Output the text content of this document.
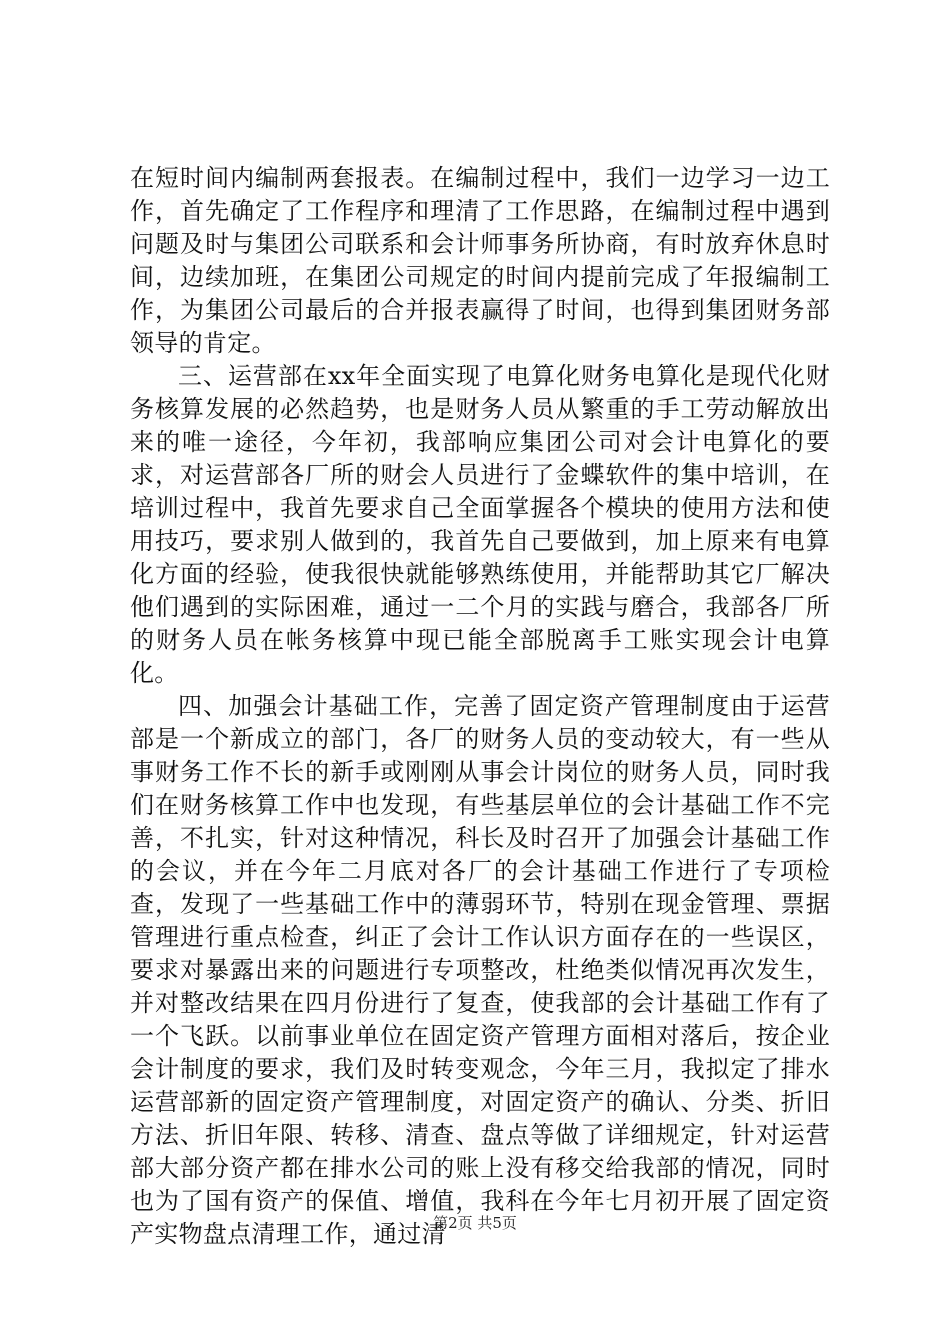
在短时间内编制两套报表。在编制过程中，我们一边学习一边工作，首先确定了工作程序和理清了工作思路，在编制过程中遇到问题及时与集团公司联系和会计师事务所协商，有时放弃休息时间，边续加班，在集团公司规定的时间内提前完成了年报编制工作，为集团公司最后的合并报表赢得了时间，也得到集团财务部领导的肯定。

三、运营部在xx年全面实现了电算化财务电算化是现代化财务核算发展的必然趋势，也是财务人员从繁重的手工劳动解放出来的唯一途径，今年初，我部响应集团公司对会计电算化的要求，对运营部各厂所的财会人员进行了金蝶软件的集中培训，在培训过程中，我首先要求自己全面掌握各个模块的使用方法和使用技巧，要求别人做到的，我首先自己要做到，加上原来有电算化方面的经验，使我很快就能够熟练使用，并能帮助其它厂解决他们遇到的实际困难，通过一二个月的实践与磨合，我部各厂所的财务人员在帐务核算中现已能全部脱离手工账实现会计电算化。

四、加强会计基础工作，完善了固定资产管理制度由于运营部是一个新成立的部门，各厂的财务人员的变动较大，有一些从事财务工作不长的新手或刚刚从事会计岗位的财务人员，同时我们在财务核算工作中也发现，有些基层单位的会计基础工作不完善，不扎实，针对这种情况，科长及时召开了加强会计基础工作的会议，并在今年二月底对各厂的会计基础工作进行了专项检查，发现了一些基础工作中的薄弱环节，特别在现金管理、票据管理进行重点检查，纠正了会计工作认识方面存在的一些误区，要求对暴露出来的问题进行专项整改，杜绝类似情况再次发生，并对整改结果在四月份进行了复查，使我部的会计基础工作有了一个飞跃。以前事业单位在固定资产管理方面相对落后，按企业会计制度的要求，我们及时转变观念，今年三月，我拟定了排水运营部新的固定资产管理制度，对固定资产的确认、分类、折旧方法、折旧年限、转移、清查、盘点等做了详细规定，针对运营部大部分资产都在排水公司的账上没有移交给我部的情况，同时也为了国有资产的保值、增值，我科在今年七月初开展了固定资产实物盘点清理工作，通过清

第2页 共5页
